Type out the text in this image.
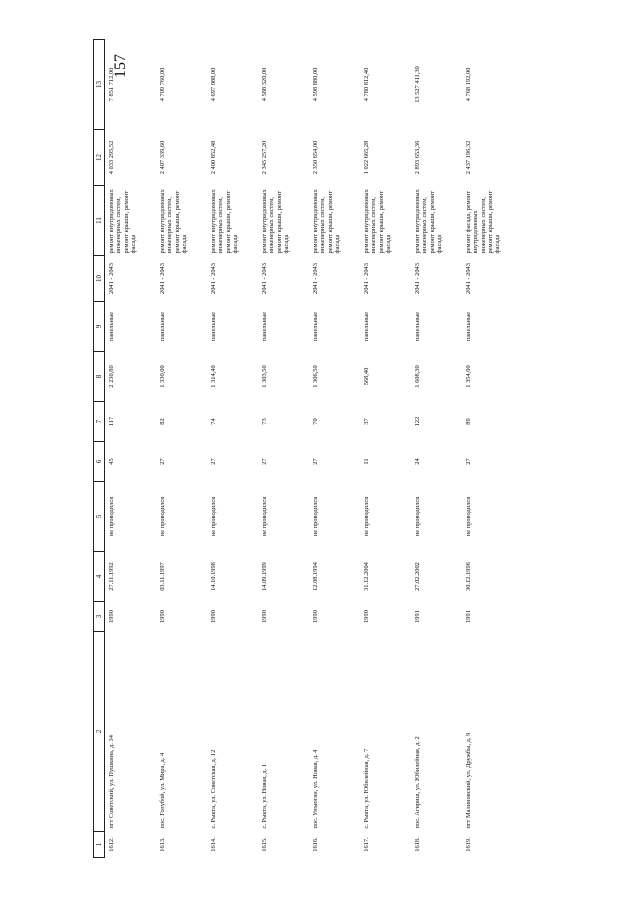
157
1	2	3	4	5	6	7	8	9	10	11	12	13
1612.	пгт Советский, ул. Пушкина, д. 34	1990	27.11.1992	не проводился	45	117	2 230,80	панельные	2041 - 2043	ремонт внутридомовых инженерных систем, ремонт крыши, ремонт фасада	4 033 295,52	7 851 712,00
1613.	пос. Голубой, ул. Мира, д. 4	1990	03.11.1997	не проводился	27	82	1 330,00	панельные	2041 - 2043	ремонт внутридомовых инженерных систем, ремонт крыши, ремонт фасада	2 407 339,60	4 709 760,00
1614.	с. Рыкта, ул. Советская, д. 12	1990	14.10.1998	не проводился	27	74	1 314,40	панельные	2041 - 2043	ремонт внутридомовых инженерных систем, ремонт крыши, ремонт фасада	2 400 852,48	4 697 088,00
1615.	с. Рыкта, ул. Новая, д. 1	1990	14.09.1999	не проводился	27	73	1 303,50	панельные	2041 - 2043	ремонт внутридомовых инженерных систем, ремонт крыши, ремонт фасада	2 345 257,20	4 588 320,00
1616.	пос. Унъюган, ул. Новая, д. 4	1990	12.08.1994	не проводился	27	70	1 306,50	панельные	2041 - 2043	ремонт внутридомовых инженерных систем, ремонт крыши, ремонт фасада	2 350 654,00	4 598 880,00
1617.	с. Рыкта, ул. Юбилейная, д. 7	1990	31.12.2004	не проводился	11	37	568,40	панельные	2041 - 2043	ремонт внутридомовых инженерных систем, ремонт крыши, ремонт фасада	1 022 665,28	4 780 812,40
1618.	пос. Агириш, ул. Юбилейная, д. 2	1991	27.02.2002	не проводился	24	122	1 608,30	панельные	2041 - 2043	ремонт внутридомовых инженерных систем, ремонт крыши, ремонт фасада	2 893 653,36	13 527 411,30
1619.	пгт Малиновский, ул. Дружбы, д. 9	1991	30.12.1996	не проводился	27	89	1 354,00	панельные	2041 - 2043	ремонт фасада, ремонт внутридомовых инженерных систем, ремонт крыши, ремонт фасада	2 437 196,32	4 768 192,00
